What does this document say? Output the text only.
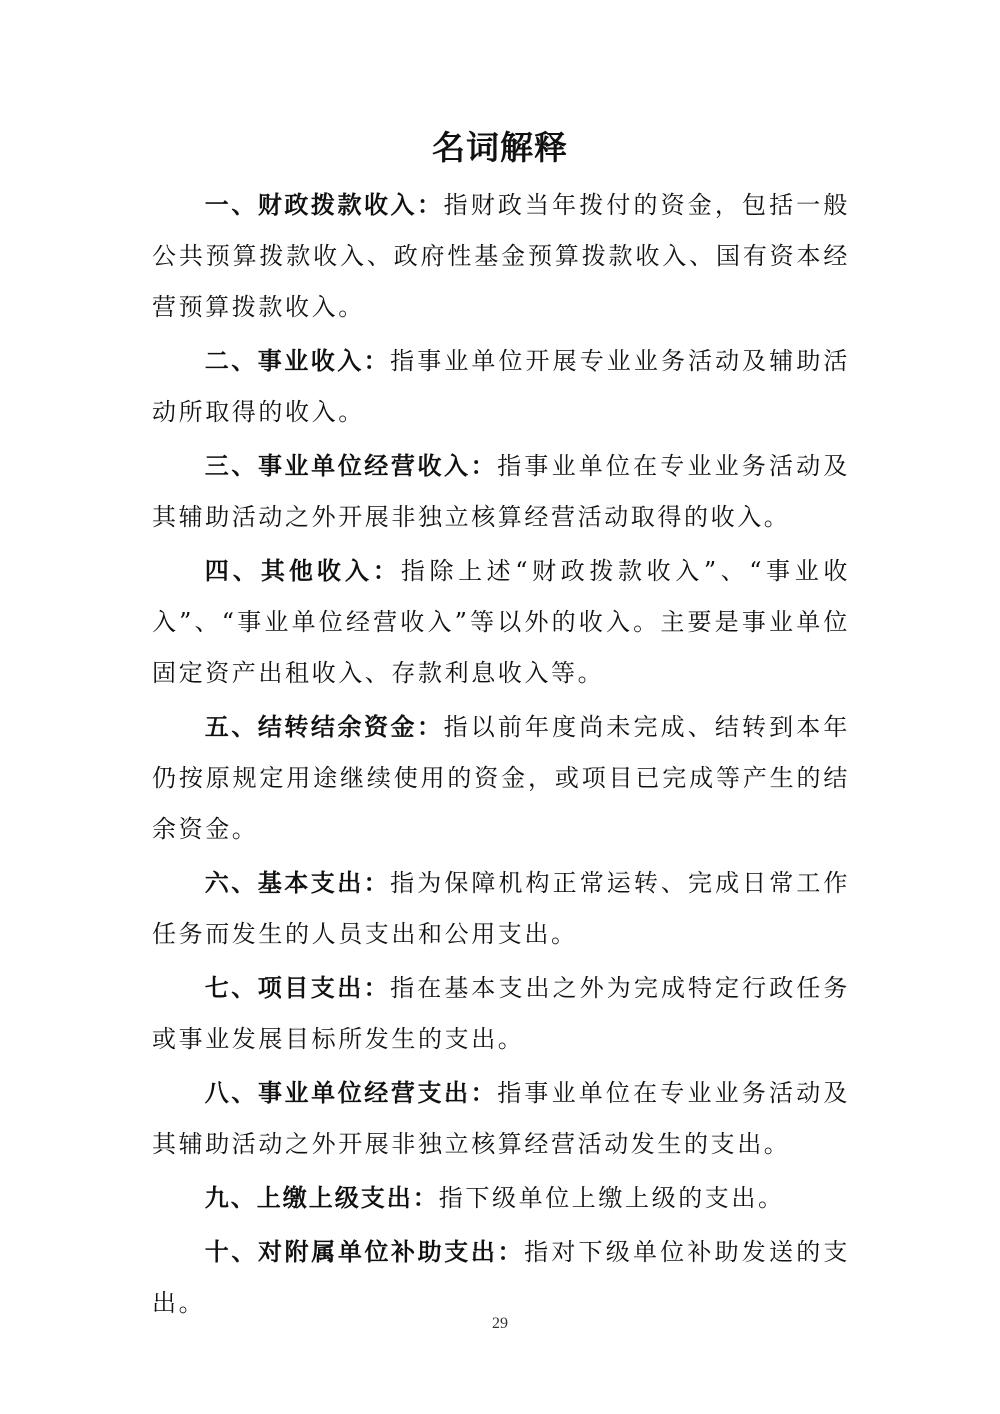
名词解释

一、财政拨款收入：指财政当年拨付的资金，包括一般公共预算拨款收入、政府性基金预算拨款收入、国有资本经营预算拨款收入。

二、事业收入：指事业单位开展专业业务活动及辅助活动所取得的收入。

三、事业单位经营收入：指事业单位在专业业务活动及其辅助活动之外开展非独立核算经营活动取得的收入。

四、其他收入：指除上述“财政拨款收入”、“事业收入”、“事业单位经营收入”等以外的收入。主要是事业单位固定资产出租收入、存款利息收入等。

五、结转结余资金：指以前年度尚未完成、结转到本年仍按原规定用途继续使用的资金，或项目已完成等产生的结余资金。

六、基本支出：指为保障机构正常运转、完成日常工作任务而发生的人员支出和公用支出。

七、项目支出：指在基本支出之外为完成特定行政任务或事业发展目标所发生的支出。

八、事业单位经营支出：指事业单位在专业业务活动及其辅助活动之外开展非独立核算经营活动发生的支出。

九、上缴上级支出：指下级单位上缴上级的支出。

十、对附属单位补助支出：指对下级单位补助发送的支出。

29
